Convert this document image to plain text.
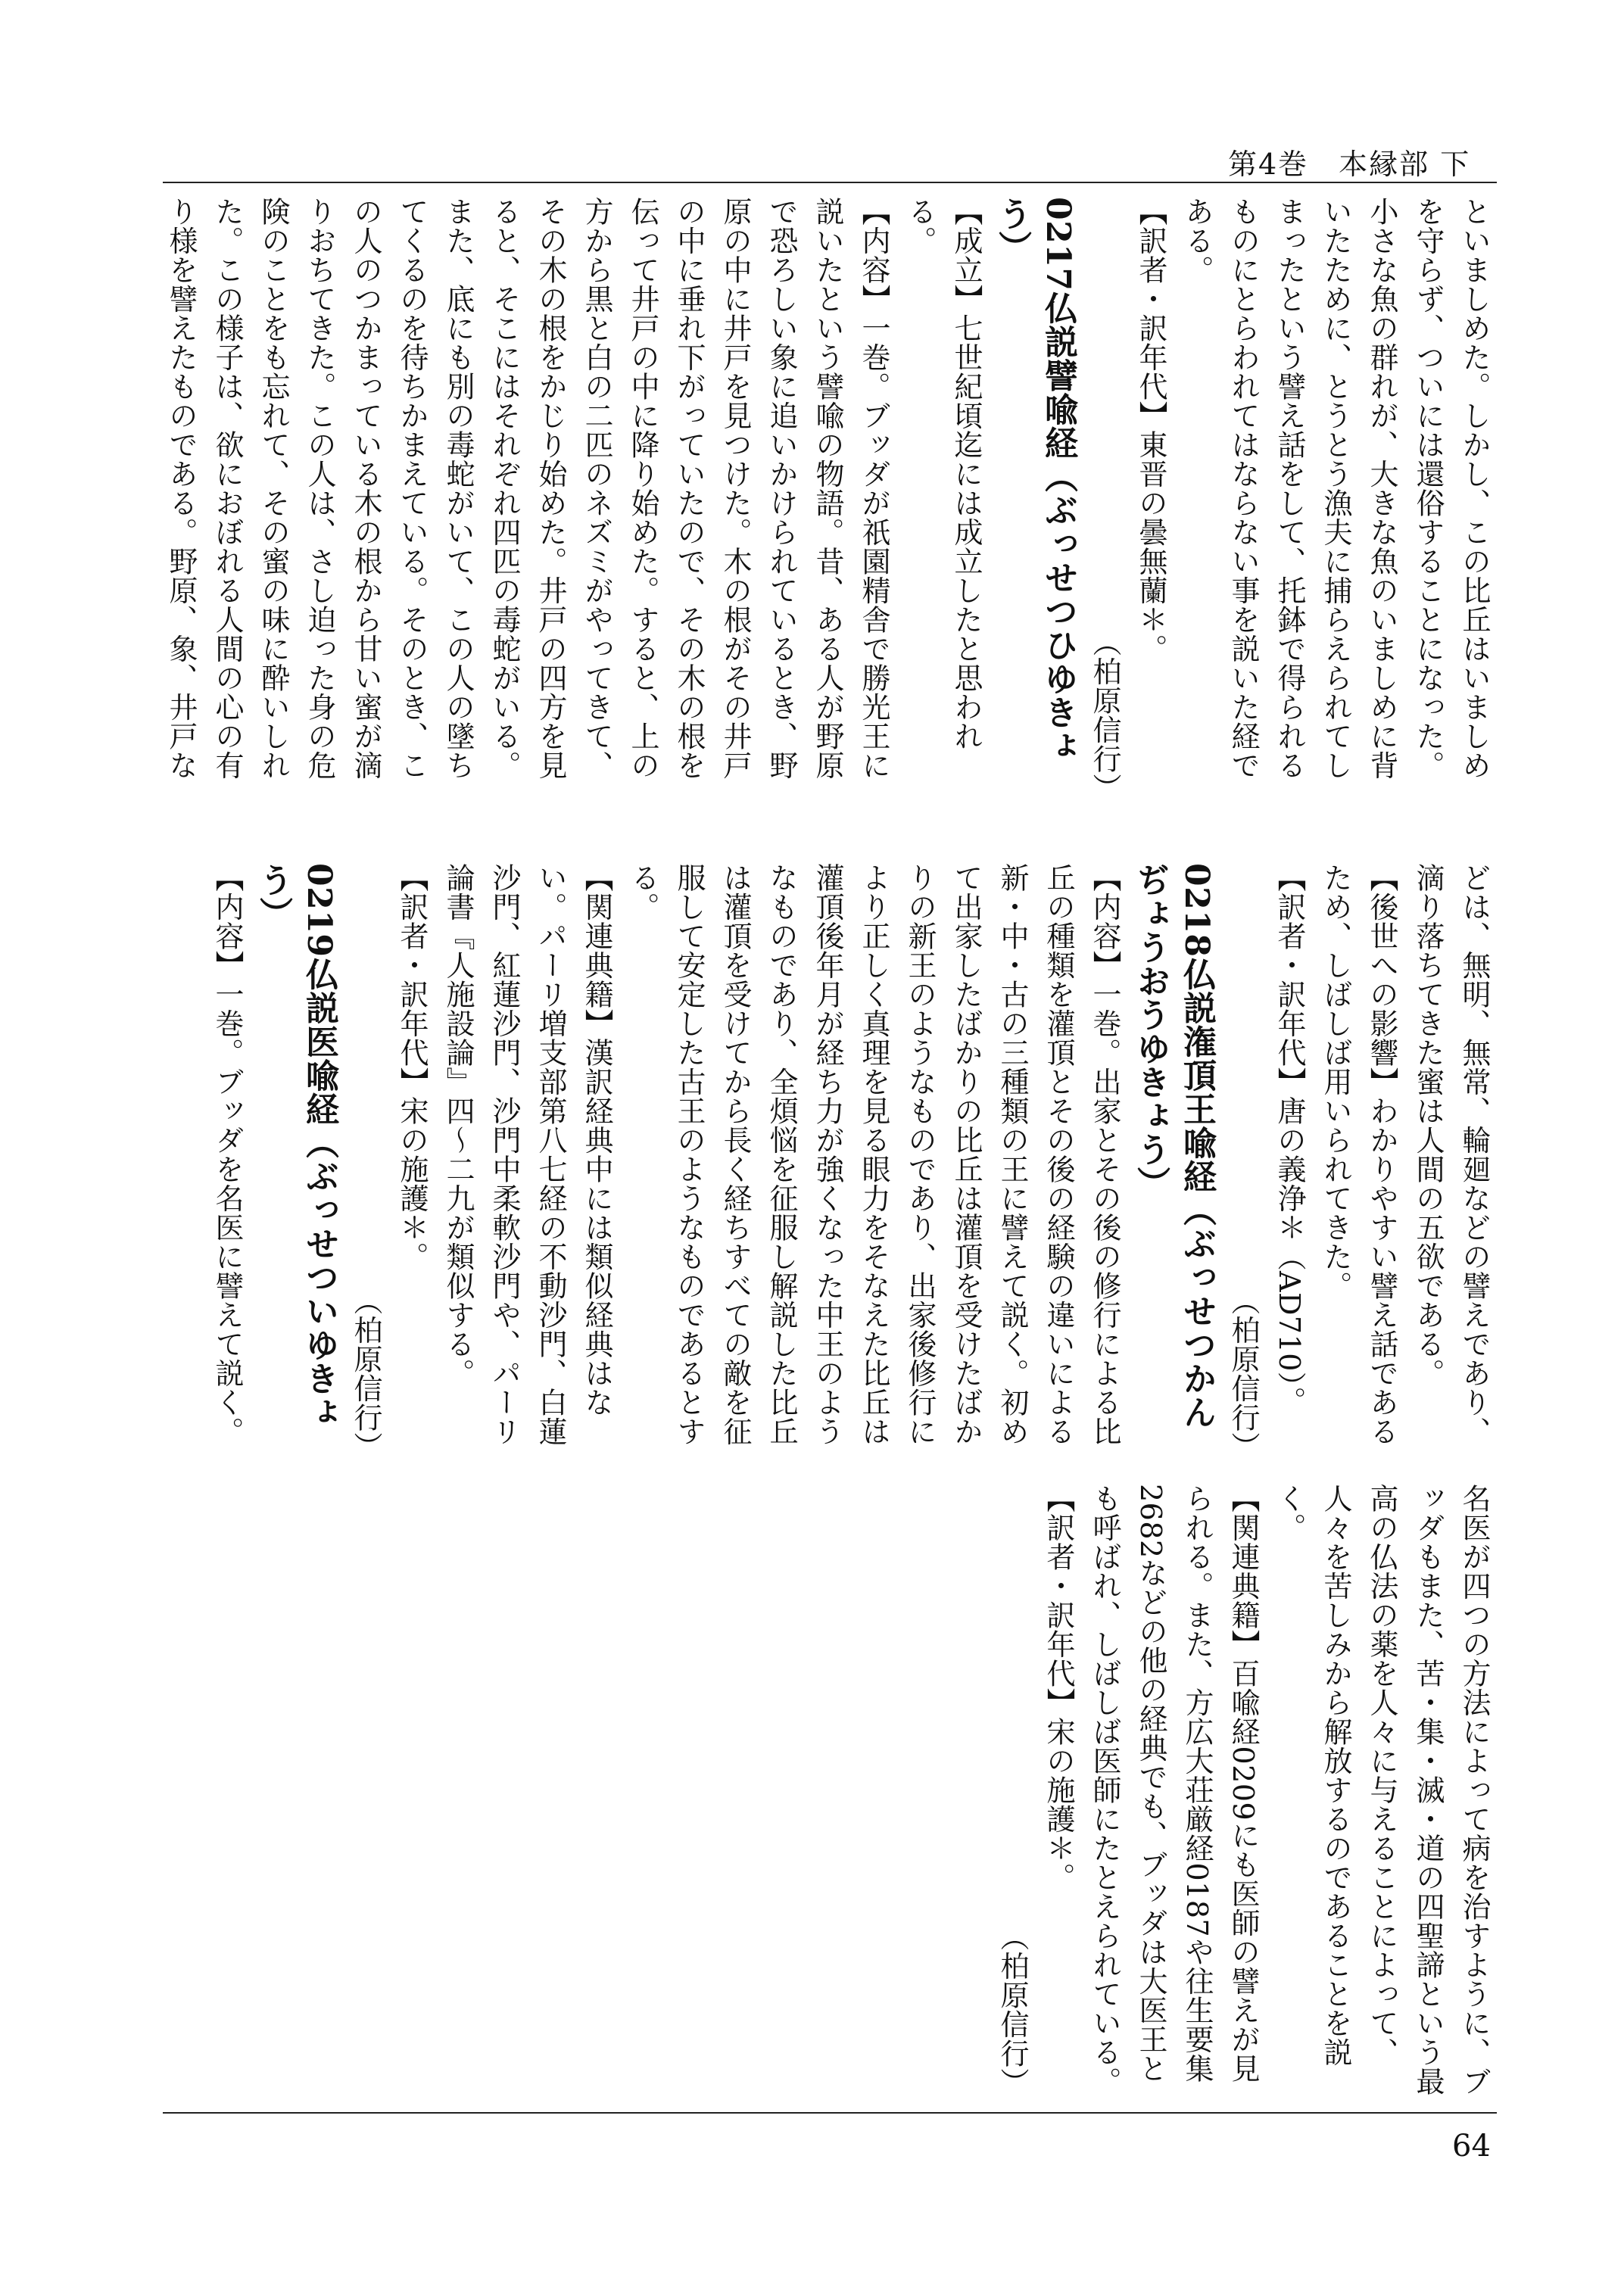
第4巻　本縁部 下

といましめた。しかし、この比丘はいましめを守らず、ついには還俗することになった。小さな魚の群れが、大きな魚のいましめに背いたために、とうとう漁夫に捕らえられてしまったという譬え話をして、托鉢で得られるものにとらわれてはならない事を説いた経である。

【訳者・訳年代】東晋の曇無蘭＊。

（柏原信行）

0217仏説譬喩経（ぶっせつひゆきょう）

【成立】七世紀頃迄には成立したと思われる。

【内容】一巻。ブッダが祇園精舎で勝光王に説いたという譬喩の物語。昔、ある人が野原で恐ろしい象に追いかけられているとき、野原の中に井戸を見つけた。木の根がその井戸の中に垂れ下がっていたので、その木の根を伝って井戸の中に降り始めた。すると、上の方から黒と白の二匹のネズミがやってきて、その木の根をかじり始めた。井戸の四方を見ると、そこにはそれぞれ四匹の毒蛇がいる。また、底にも別の毒蛇がいて、この人の墜ちてくるのを待ちかまえている。そのとき、この人のつかまっている木の根から甘い蜜が滴りおちてきた。この人は、さし迫った身の危険のことをも忘れて、その蜜の味に酔いしれた。この様子は、欲におぼれる人間の心の有り様を譬えたものである。野原、象、井戸な

どは、無明、無常、輪廻などの譬えであり、滴り落ちてきた蜜は人間の五欲である。

【後世への影響】わかりやすい譬え話であるため、しばしば用いられてきた。

【訳者・訳年代】唐の義浄＊（AD710）。

（柏原信行）

0218仏説潅頂王喩経（ぶっせつかんぢょうおうゆきょう）

【内容】一巻。出家とその後の修行による比丘の種類を灌頂とその後の経験の違いによる新・中・古の三種類の王に譬えて説く。初めて出家したばかりの比丘は灌頂を受けたばかりの新王のようなものであり、出家後修行により正しく真理を見る眼力をそなえた比丘は灌頂後年月が経ち力が強くなった中王のようなものであり、全煩悩を征服し解説した比丘は灌頂を受けてから長く経ちすべての敵を征服して安定した古王のようなものであるとする。

【関連典籍】漢訳経典中には類似経典はない。パーリ増支部第八七経の不動沙門、白蓮沙門、紅蓮沙門、沙門中柔軟沙門や、パーリ論書『人施設論』四～二九が類似する。

【訳者・訳年代】宋の施護＊。

（柏原信行）

0219仏説医喩経（ぶっせついゆきょう）

【内容】一巻。ブッダを名医に譬えて説く。

名医が四つの方法によって病を治すように、ブッダもまた、苦・集・滅・道の四聖諦という最高の仏法の薬を人々に与えることによって、人々を苦しみから解放するのであることを説く。

【関連典籍】百喩経0209にも医師の譬えが見られる。また、方広大荘厳経0187や往生要集2682などの他の経典でも、ブッダは大医王とも呼ばれ、しばしば医師にたとえられている。

【訳者・訳年代】宋の施護＊。

（柏原信行）

64
